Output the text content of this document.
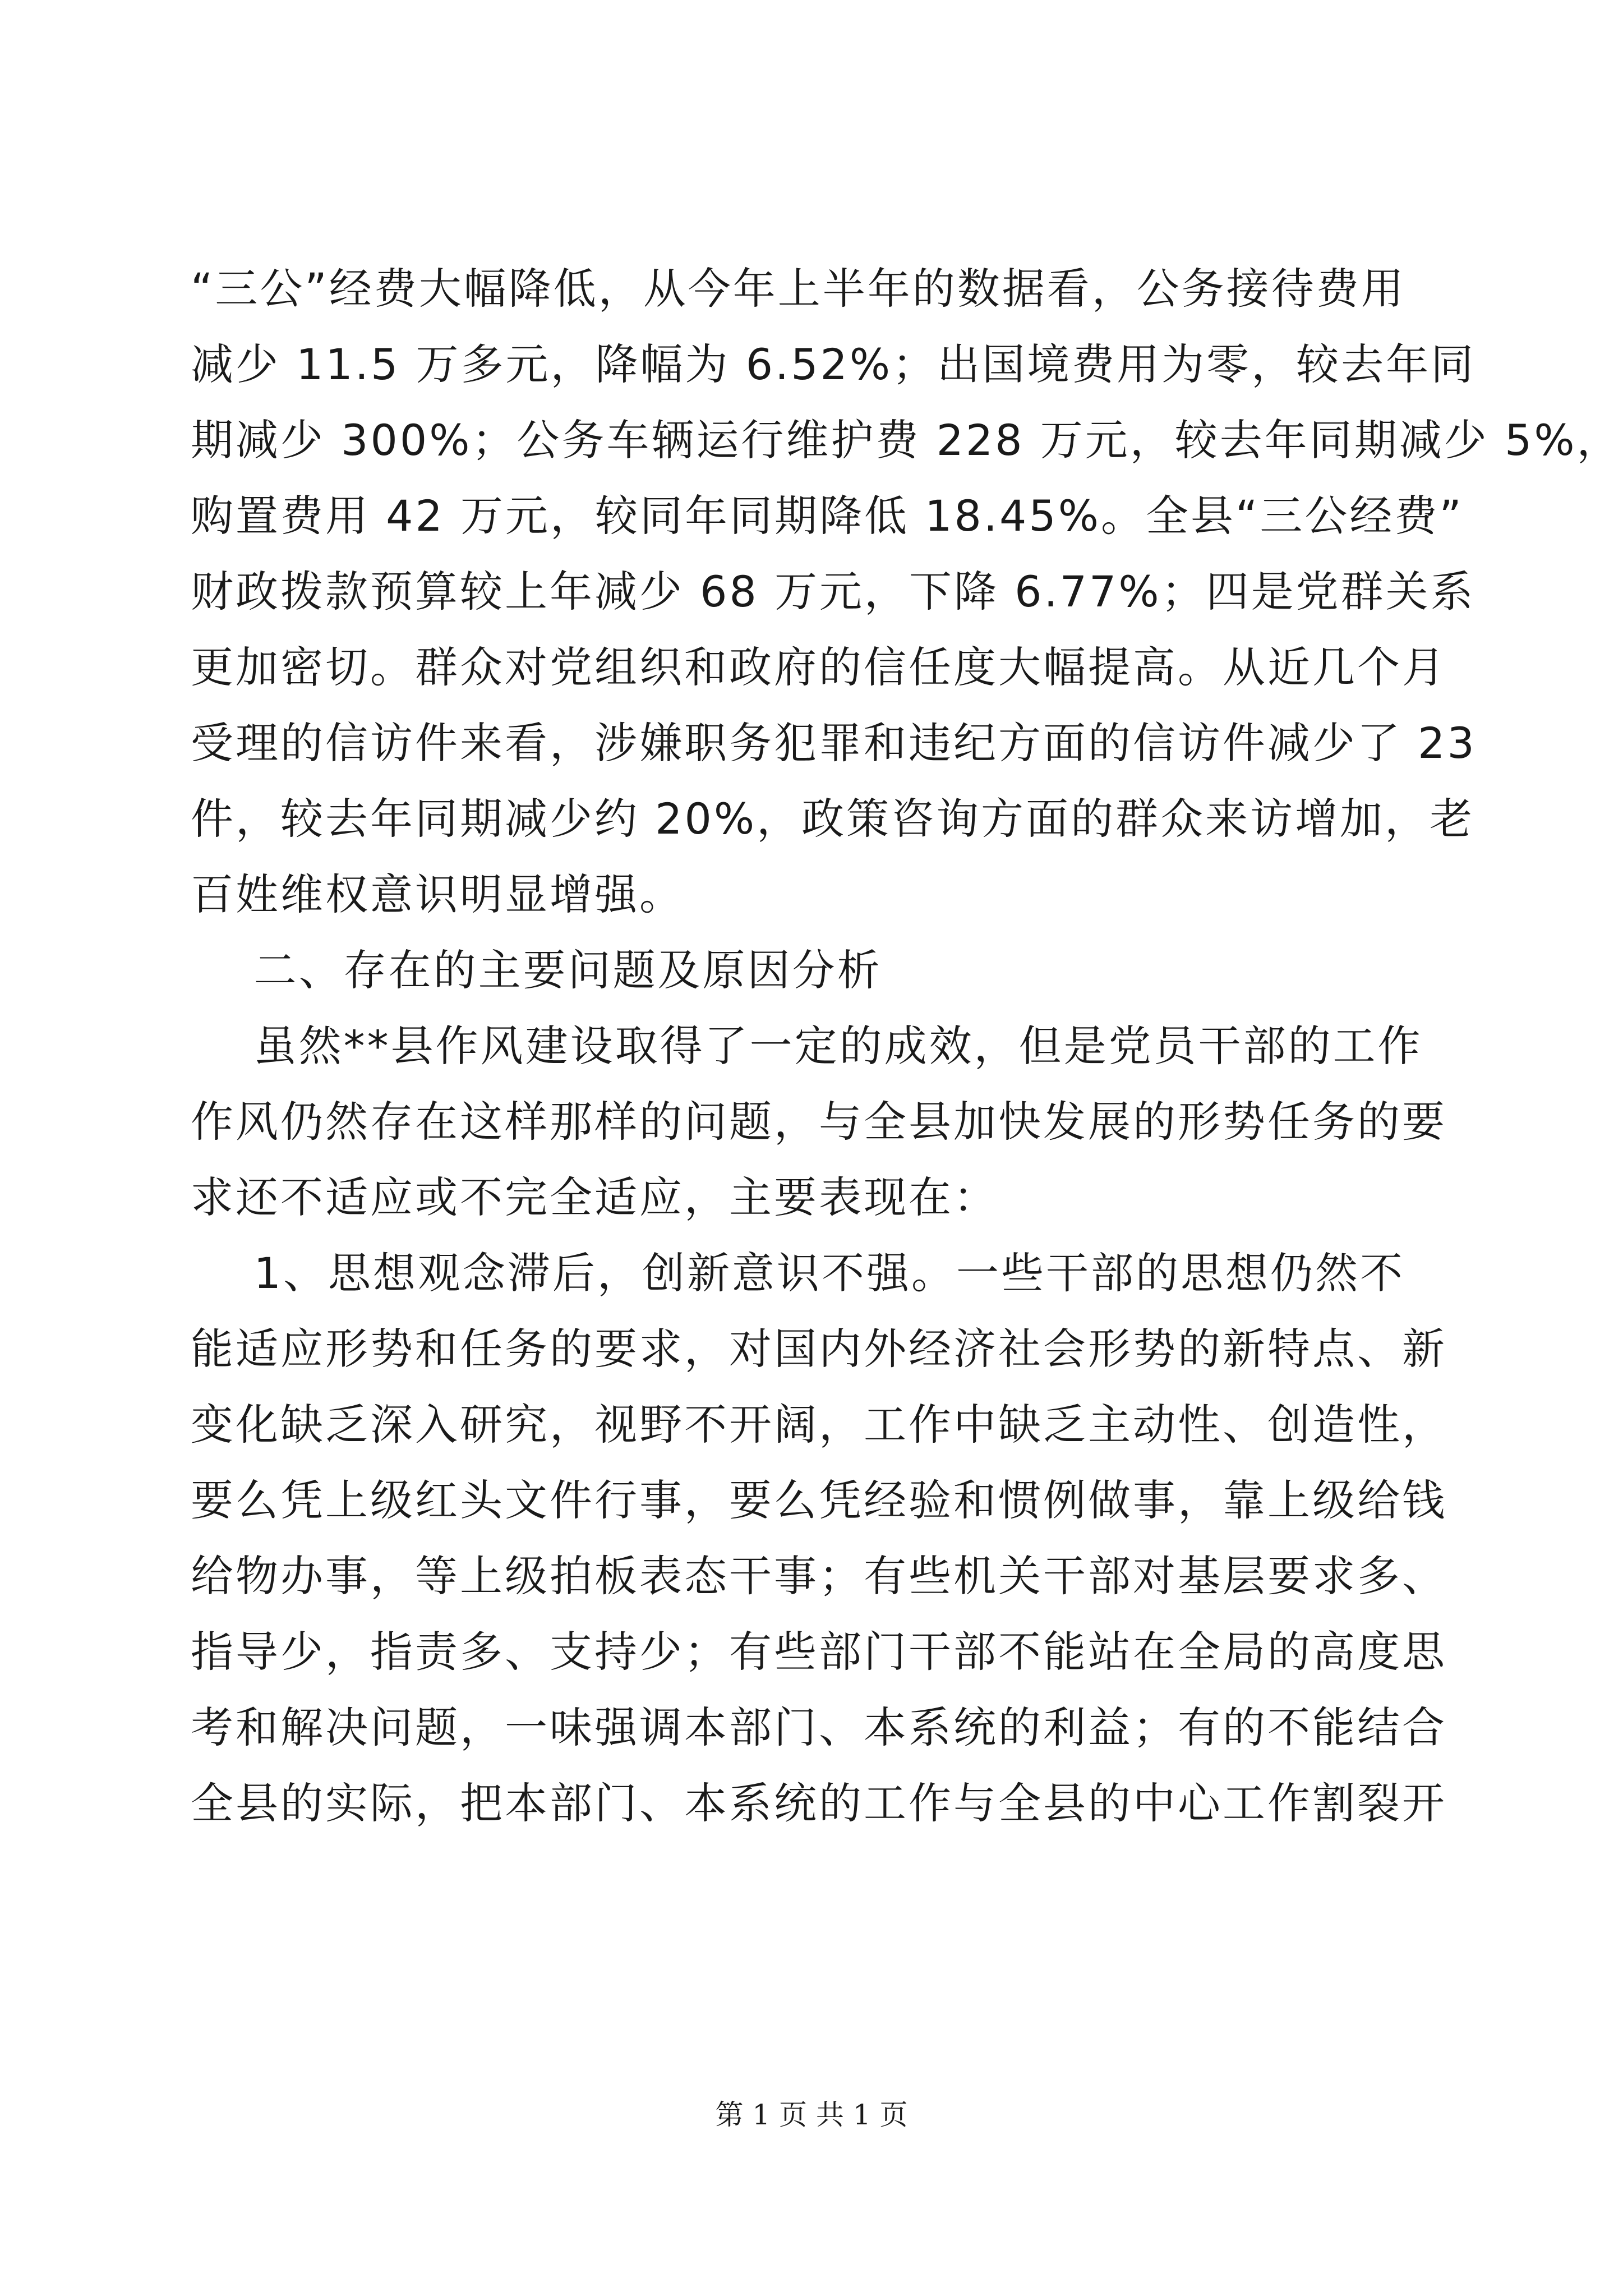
“三公”经费大幅降低，从今年上半年的数据看，公务接待费用
减少 11.5 万多元，降幅为 6.52%；出国境费用为零，较去年同
期减少 300%；公务车辆运行维护费 228 万元，较去年同期减少 5%，
购置费用 42 万元，较同年同期降低 18.45%。全县“三公经费”
财政拨款预算较上年减少 68 万元，下降 6.77%；四是党群关系
更加密切。群众对党组织和政府的信任度大幅提高。从近几个月
受理的信访件来看，涉嫌职务犯罪和违纪方面的信访件减少了 23
件，较去年同期减少约 20%，政策咨询方面的群众来访增加，老
百姓维权意识明显增强。
二、存在的主要问题及原因分析
虽然**县作风建设取得了一定的成效，但是党员干部的工作
作风仍然存在这样那样的问题，与全县加快发展的形势任务的要
求还不适应或不完全适应，主要表现在：
1、思想观念滞后，创新意识不强。一些干部的思想仍然不
能适应形势和任务的要求，对国内外经济社会形势的新特点、新
变化缺乏深入研究，视野不开阔，工作中缺乏主动性、创造性，
要么凭上级红头文件行事，要么凭经验和惯例做事，靠上级给钱
给物办事，等上级拍板表态干事；有些机关干部对基层要求多、
指导少，指责多、支持少；有些部门干部不能站在全局的高度思
考和解决问题，一味强调本部门、本系统的利益；有的不能结合
全县的实际，把本部门、本系统的工作与全县的中心工作割裂开
第 1 页 共 1 页
